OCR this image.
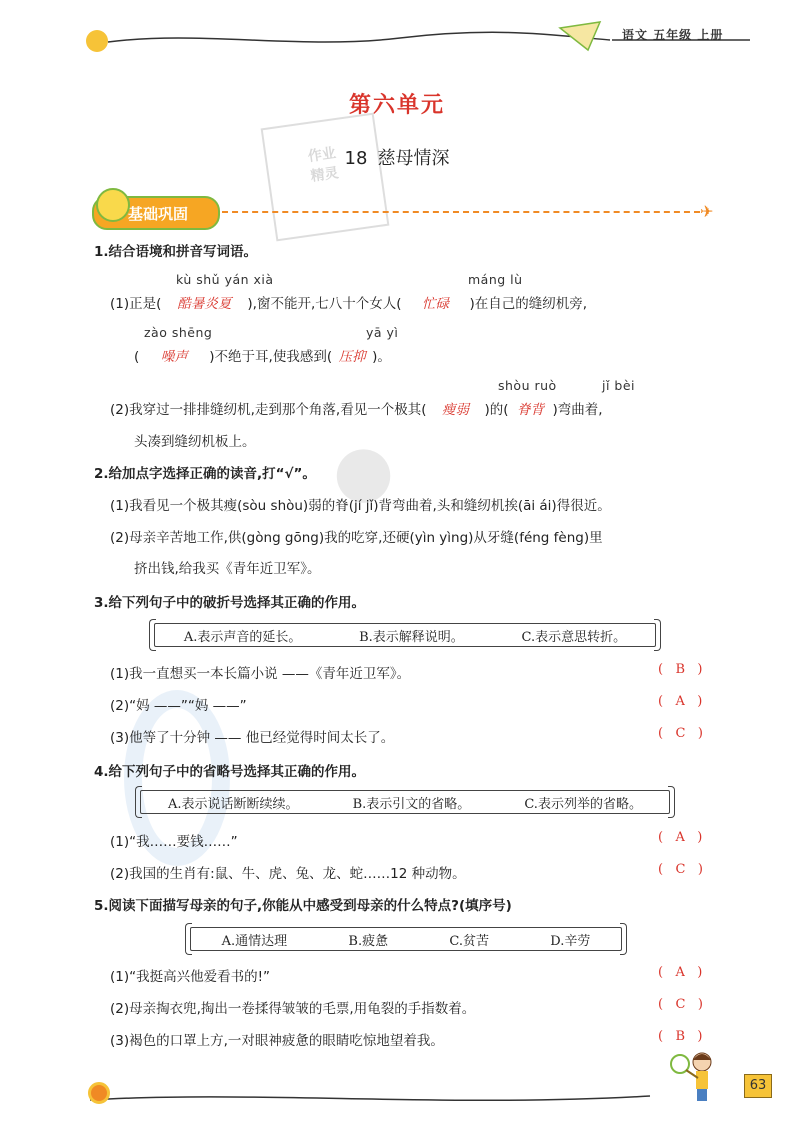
语文 五年级 上册
第六单元
作业
精灵
18 慈母情深
基础巩固	✈
●
1.结合语境和拼音写词语。
kù shǔ yán xià	máng lù
(1)正是( 酷暑炎夏 ),窗不能开,七八十个女人( 忙碌 )在自己的缝纫机旁,
zào shēng	yā yì
( 噪声 )不绝于耳,使我感到( 压抑 )。
shòu ruò	jǐ bèi
(2)我穿过一排排缝纫机,走到那个角落,看见一个极其( 瘦弱 )的( 脊背 )弯曲着,
头凑到缝纫机板上。
2.给加点字选择正确的读音,打“√”。
(1)我看见一个极其瘦(sòu shòu)弱的脊(jí jǐ)背弯曲着,头和缝纫机挨(āi ái)得很近。
(2)母亲辛苦地工作,供(gòng gōng)我的吃穿,还硬(yìn yìng)从牙缝(féng fèng)里
挤出钱,给我买《青年近卫军》。
3.给下列句子中的破折号选择其正确的作用。
A.表示声音的延长。	B.表示解释说明。	C.表示意思转折。
(1)我一直想买一本长篇小说 ——《青年近卫军》。	(   B   )
(2)“妈 ——”“妈 ——”	(   A   )
(3)他等了十分钟 —— 他已经觉得时间太长了。	(   C   )
4.给下列句子中的省略号选择其正确的作用。
A.表示说话断断续续。	B.表示引文的省略。	C.表示列举的省略。
(1)“我……要钱……”	(   A   )
(2)我国的生肖有:鼠、牛、虎、兔、龙、蛇……12 种动物。	(   C   )
5.阅读下面描写母亲的句子,你能从中感受到母亲的什么特点?(填序号)
A.通情达理	B.疲惫	C.贫苦	D.辛劳
(1)“我挺高兴他爱看书的!”	(   A   )
(2)母亲掏衣兜,掏出一卷揉得皱皱的毛票,用龟裂的手指数着。	(   C   )
(3)褐色的口罩上方,一对眼神疲惫的眼睛吃惊地望着我。	(   B   )
63
